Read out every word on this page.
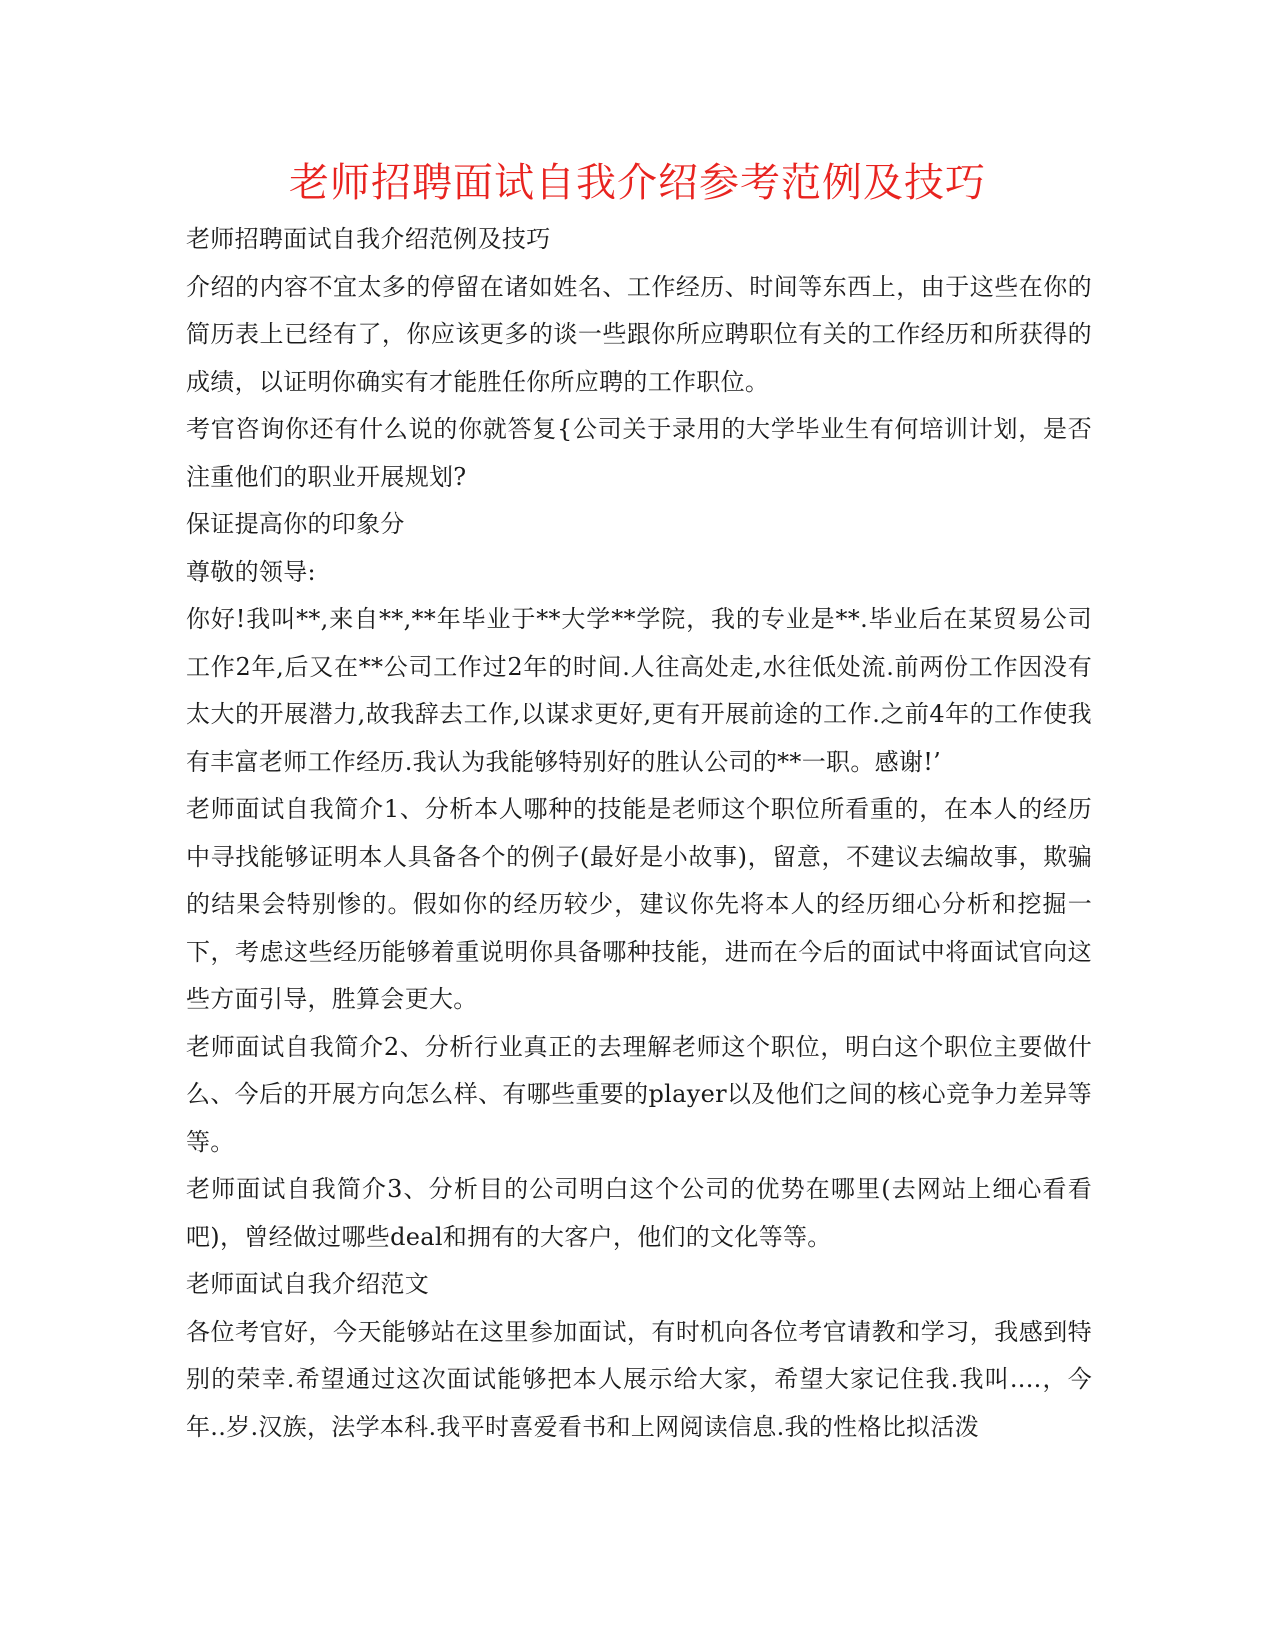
老师招聘面试自我介绍参考范例及技巧

老师招聘面试自我介绍范例及技巧

介绍的内容不宜太多的停留在诸如姓名、工作经历、时间等东西上，由于这些在你的简历表上已经有了，你应该更多的谈一些跟你所应聘职位有关的工作经历和所获得的成绩，以证明你确实有才能胜任你所应聘的工作职位。

考官咨询你还有什么说的你就答复{公司关于录用的大学毕业生有何培训计划，是否注重他们的职业开展规划?

保证提高你的印象分

尊敬的领导:

你好!我叫**,来自**,**年毕业于**大学**学院，我的专业是**.毕业后在某贸易公司工作2年,后又在**公司工作过2年的时间.人往高处走,水往低处流.前两份工作因没有太大的开展潜力,故我辞去工作,以谋求更好,更有开展前途的工作.之前4年的工作使我有丰富老师工作经历.我认为我能够特别好的胜认公司的**一职。感谢!’

老师面试自我简介1、分析本人哪种的技能是老师这个职位所看重的，在本人的经历中寻找能够证明本人具备各个的例子(最好是小故事)，留意，不建议去编故事，欺骗的结果会特别惨的。假如你的经历较少，建议你先将本人的经历细心分析和挖掘一下，考虑这些经历能够着重说明你具备哪种技能，进而在今后的面试中将面试官向这些方面引导，胜算会更大。

老师面试自我简介2、分析行业真正的去理解老师这个职位，明白这个职位主要做什么、今后的开展方向怎么样、有哪些重要的player以及他们之间的核心竞争力差异等等。

老师面试自我简介3、分析目的公司明白这个公司的优势在哪里(去网站上细心看看吧)，曾经做过哪些deal和拥有的大客户，他们的文化等等。

老师面试自我介绍范文

各位考官好，今天能够站在这里参加面试，有时机向各位考官请教和学习，我感到特别的荣幸.希望通过这次面试能够把本人展示给大家，希望大家记住我.我叫....，今年..岁.汉族，法学本科.我平时喜爱看书和上网阅读信息.我的性格比拟活泼
